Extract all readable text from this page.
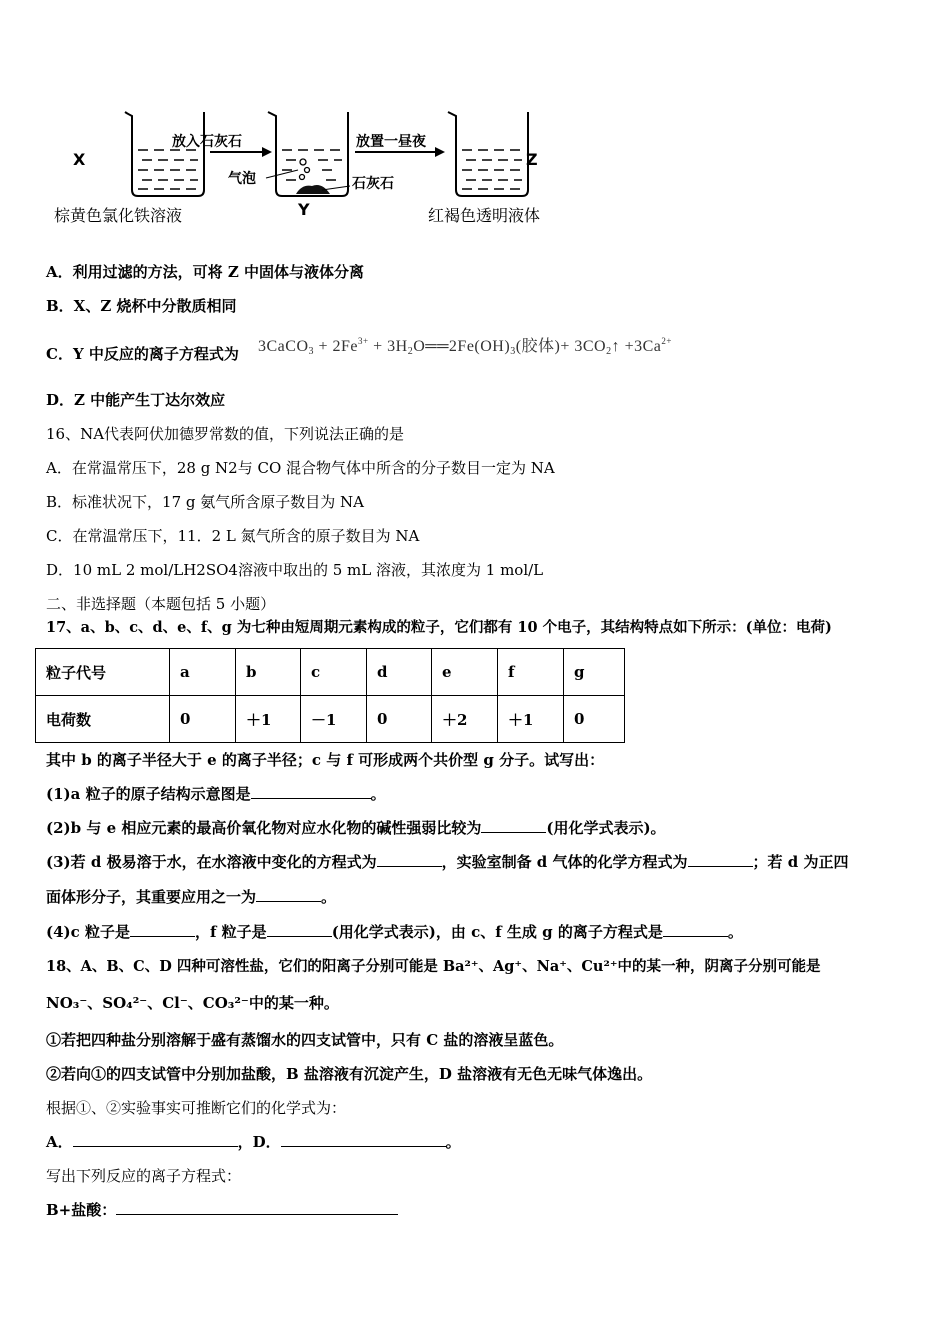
X
Y
Z
放入石灰石	放置一昼夜
气泡	石灰石
棕黄色氯化铁溶液	红褐色透明液体
A．利用过滤的方法，可将 Z 中固体与液体分离
B．X、Z 烧杯中分散质相同
C．Y 中反应的离子方程式为 3CaCO$_3$ + $2Fe^{3+}$ + $3H_2O══2Fe(OH)_3$(胶体)+ $3CO_2↑ +3Ca^{2+}$
D．Z 中能产生丁达尔效应
16、NA代表阿伏加德罗常数的值，下列说法正确的是
A．在常温常压下，28 g N2与 CO 混合物气体中所含的分子数目一定为 NA
B．标准状况下，17 g 氨气所含原子数目为 NA
C．在常温常压下，11．2 L 氮气所含的原子数目为 NA
D．10 mL 2 mol/LH2SO4溶液中取出的 5 mL 溶液，其浓度为 1 mol/L
二、非选择题（本题包括 5 小题）
17、a、b、c、d、e、f、g 为七种由短周期元素构成的粒子，它们都有 10 个电子，其结构特点如下所示：(单位：电荷)
粒子代号	a	b	c	d	e	f	g
电荷数	0	＋1	－1	0	＋2	＋1	0
其中 b 的离子半径大于 e 的离子半径；c 与 f 可形成两个共价型 g 分子。试写出：
(1)a 粒子的原子结构示意图是	。
(2)b 与 e 相应元素的最高价氧化物对应水化物的碱性强弱比较为	(用化学式表示)。
(3)若 d 极易溶于水，在水溶液中变化的方程式为	，实验室制备 d 气体的化学方程式为	；若 d 为正四
面体形分子，其重要应用之一为	。
(4)c 粒子是	，f 粒子是	(用化学式表示)，由 c、f 生成 g 的离子方程式是	。
18、A、B、C、D 四种可溶性盐，它们的阳离子分别可能是 Ba²⁺、Ag⁺、Na⁺、Cu²⁺中的某一种，阴离子分别可能是
NO₃⁻、SO₄²⁻、Cl⁻、CO₃²⁻中的某一种。
①若把四种盐分别溶解于盛有蒸馏水的四支试管中，只有 C 盐的溶液呈蓝色。
②若向①的四支试管中分别加盐酸，B 盐溶液有沉淀产生，D 盐溶液有无色无味气体逸出。
根据①、②实验事实可推断它们的化学式为：
A．	，D．	。
写出下列反应的离子方程式：
B+盐酸：
